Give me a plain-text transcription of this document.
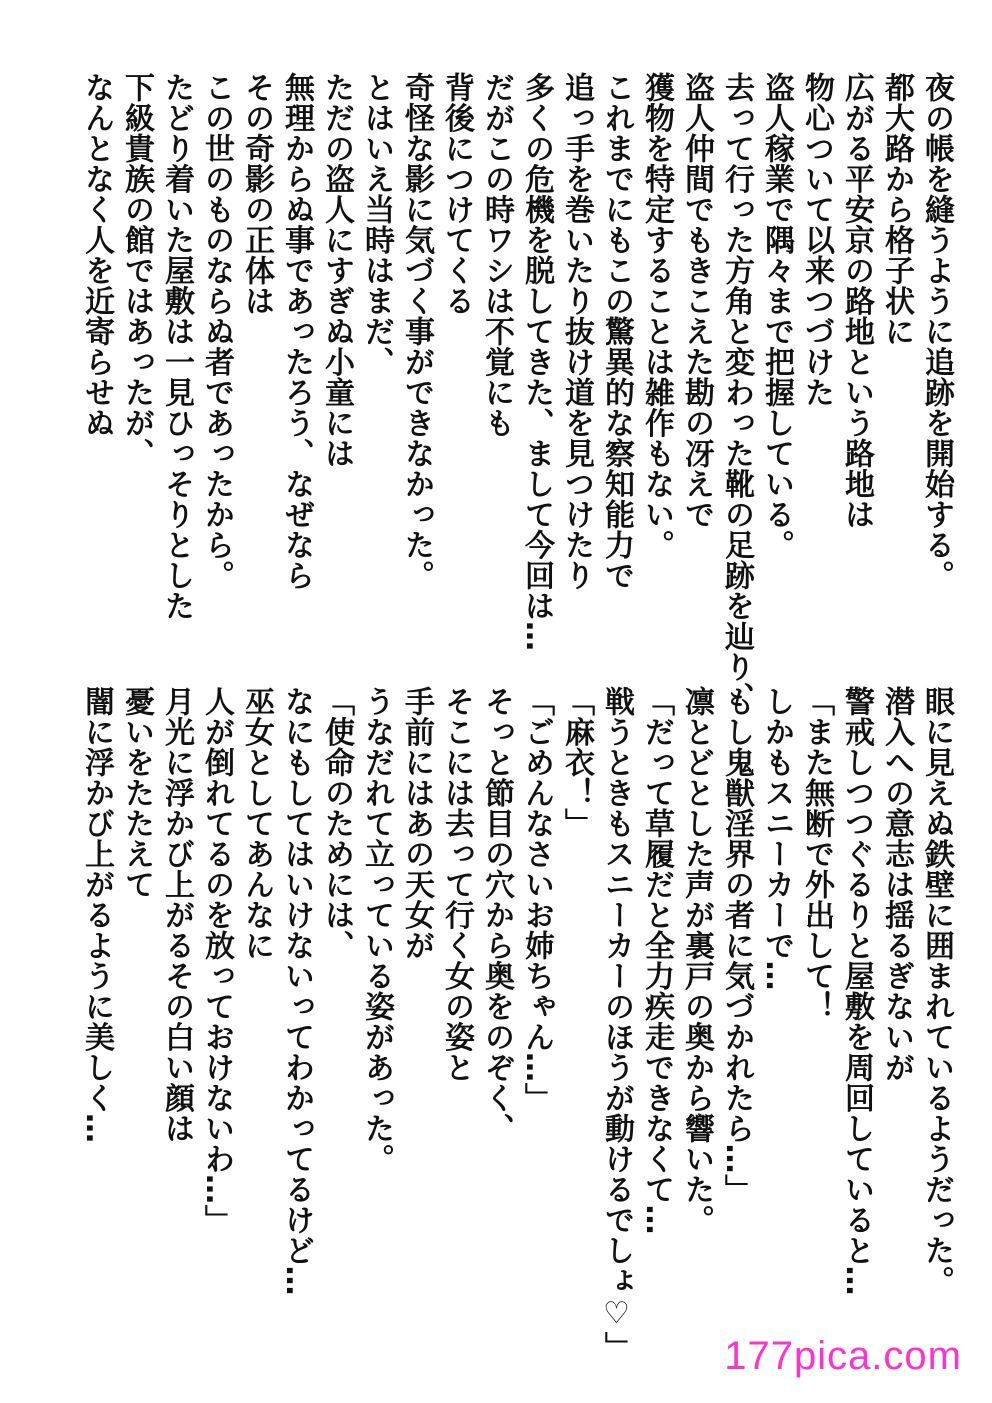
夜の帳を縫うように追跡を開始する。
都大路から格子状に
広がる平安京の路地という路地は
物心ついて以来つづけた
盗人稼業で隅々まで把握している。
去って行った方角と変わった靴の足跡を辿り、
盗人仲間でもきこえた勘の冴えで
獲物を特定することは雑作もない。
これまでにもこの驚異的な察知能力で
追っ手を巻いたり抜け道を見つけたり
多くの危機を脱してきた、まして今回は…
だがこの時ワシは不覚にも
背後につけてくる
奇怪な影に気づく事ができなかった。
とはいえ当時はまだ、
ただの盗人にすぎぬ小童には
無理からぬ事であったろう、なぜなら
その奇影の正体は
この世のものならぬ者であったから。
たどり着いた屋敷は一見ひっそりとした
下級貴族の館ではあったが、
なんとなく人を近寄らせぬ
眼に見えぬ鉄壁に囲まれているようだった。
潜入への意志は揺るぎないが
警戒しつつぐるりと屋敷を周回していると…
「また無断で外出して！
しかもスニーカーで…
もし鬼獣淫界の者に気づかれたら…」
凛とどとした声が裏戸の奥から響いた。
「だって草履だと全力疾走できなくて…
戦うときもスニーカーのほうが動けるでしょ♡」
「麻衣！」
「ごめんなさいお姉ちゃん…」
そっと節目の穴から奥をのぞく、
そこには去って行く女の姿と
手前にはあの天女が
うなだれて立っている姿があった。
「使命のためには、
なにもしてはいけないってわかってるけど…
巫女としてあんなに
人が倒れてるのを放っておけないわ…」
月光に浮かび上がるその白い顔は
憂いをたたえて
闇に浮かび上がるように美しく…
177pica.com
